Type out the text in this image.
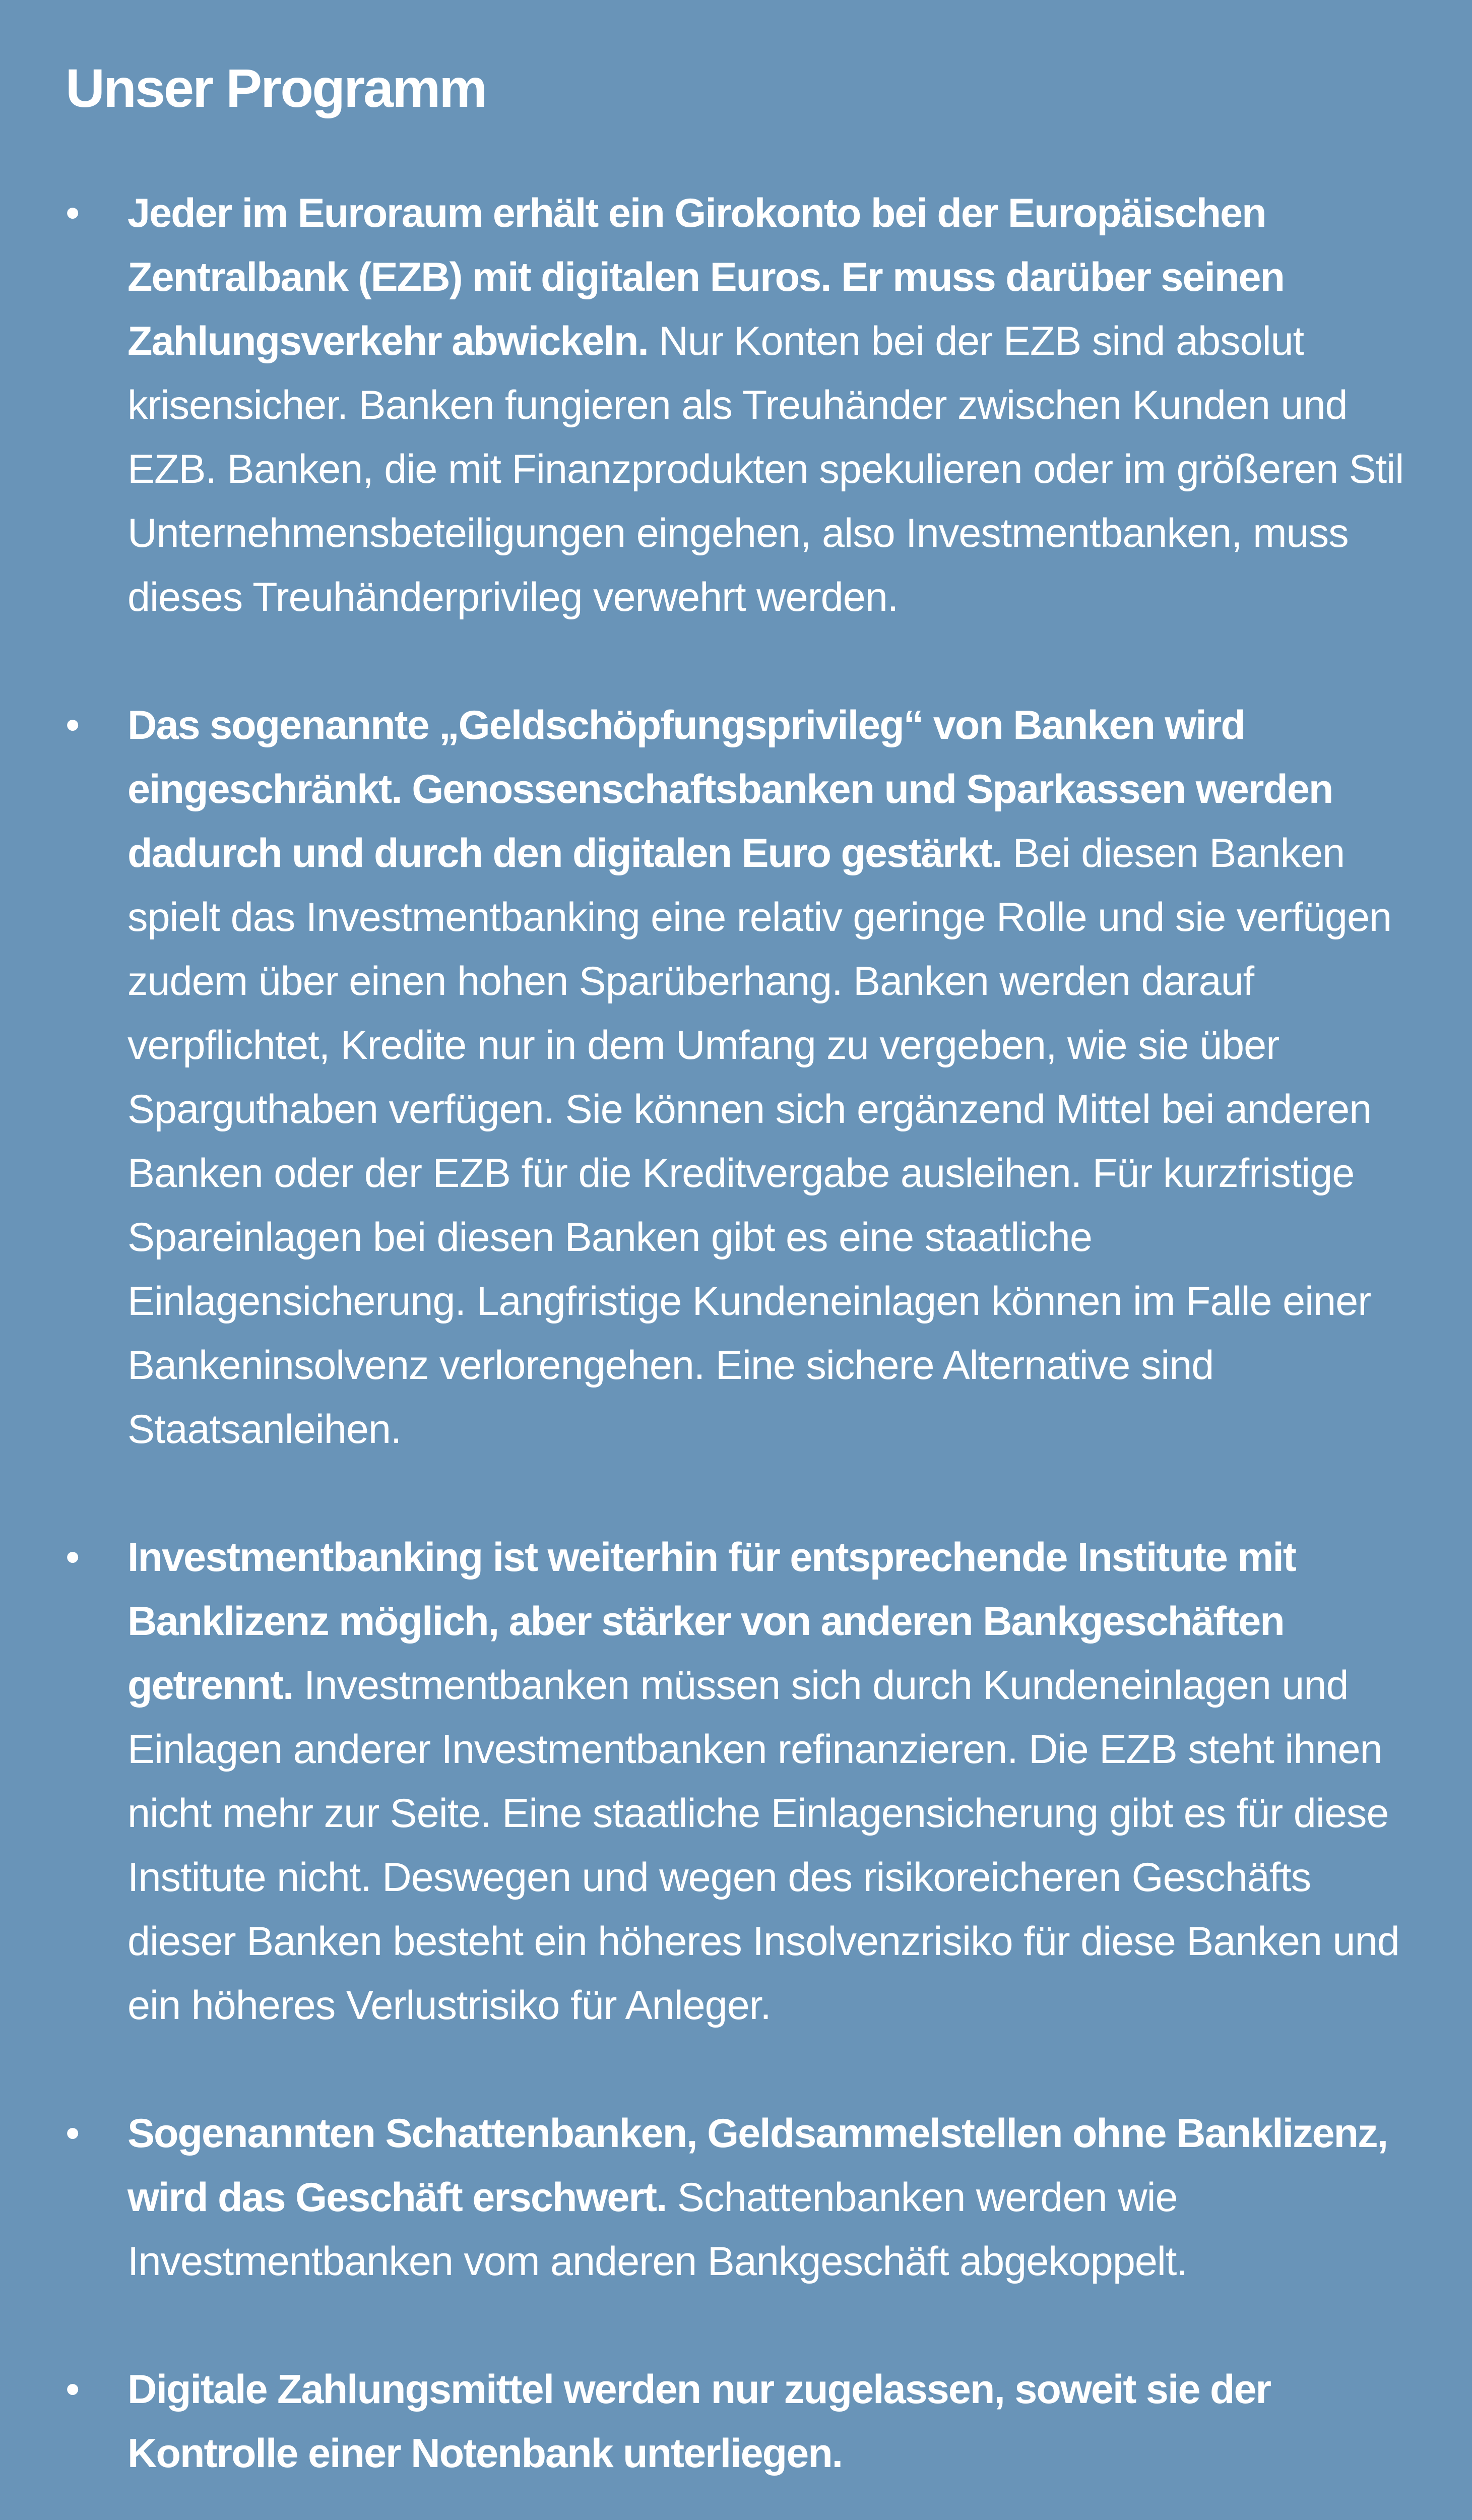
Unser Programm
• Jeder im Euroraum erhält ein Girokonto bei der Europäischen Zentralbank (EZB) mit digitalen Euros. Er muss darüber seinen Zahlungsverkehr abwickeln. Nur Konten bei der EZB sind absolut krisensicher. Banken fungieren als Treuhänder zwischen Kunden und EZB. Banken, die mit Finanzprodukten spekulieren oder im größeren Stil Unternehmensbeteiligungen eingehen, also Investmentbanken, muss dieses Treuhänderprivileg verwehrt werden.
• Das sogenannte „Geldschöpfungsprivileg“ von Banken wird eingeschränkt. Genossenschaftsbanken und Sparkassen werden dadurch und durch den digitalen Euro gestärkt. Bei diesen Banken spielt das Investmentbanking eine relativ geringe Rolle und sie verfügen zudem über einen hohen Sparüberhang. Banken werden darauf verpflichtet, Kredite nur in dem Umfang zu vergeben, wie sie über Sparguthaben verfügen. Sie können sich ergänzend Mittel bei anderen Banken oder der EZB für die Kreditvergabe ausleihen. Für kurzfristige Spareinlagen bei diesen Banken gibt es eine staatliche Einlagensicherung. Langfristige Kundeneinlagen können im Falle einer Bankeninsolvenz verlorengehen. Eine sichere Alternative sind Staatsanleihen.
• Investmentbanking ist weiterhin für entsprechende Institute mit Banklizenz möglich, aber stärker von anderen Bankgeschäften getrennt. Investmentbanken müssen sich durch Kundeneinlagen und Einlagen anderer Investmentbanken refinanzieren. Die EZB steht ihnen nicht mehr zur Seite. Eine staatliche Einlagensicherung gibt es für diese Institute nicht. Deswegen und wegen des risikoreicheren Geschäfts dieser Banken besteht ein höheres Insolvenzrisiko für diese Banken und ein höheres Verlustrisiko für Anleger.
• Sogenannten Schattenbanken, Geldsammelstellen ohne Banklizenz, wird das Geschäft erschwert. Schattenbanken werden wie Investmentbanken vom anderen Bankgeschäft abgekoppelt.
• Digitale Zahlungsmittel werden nur zugelassen, soweit sie der Kontrolle einer Notenbank unterliegen.
